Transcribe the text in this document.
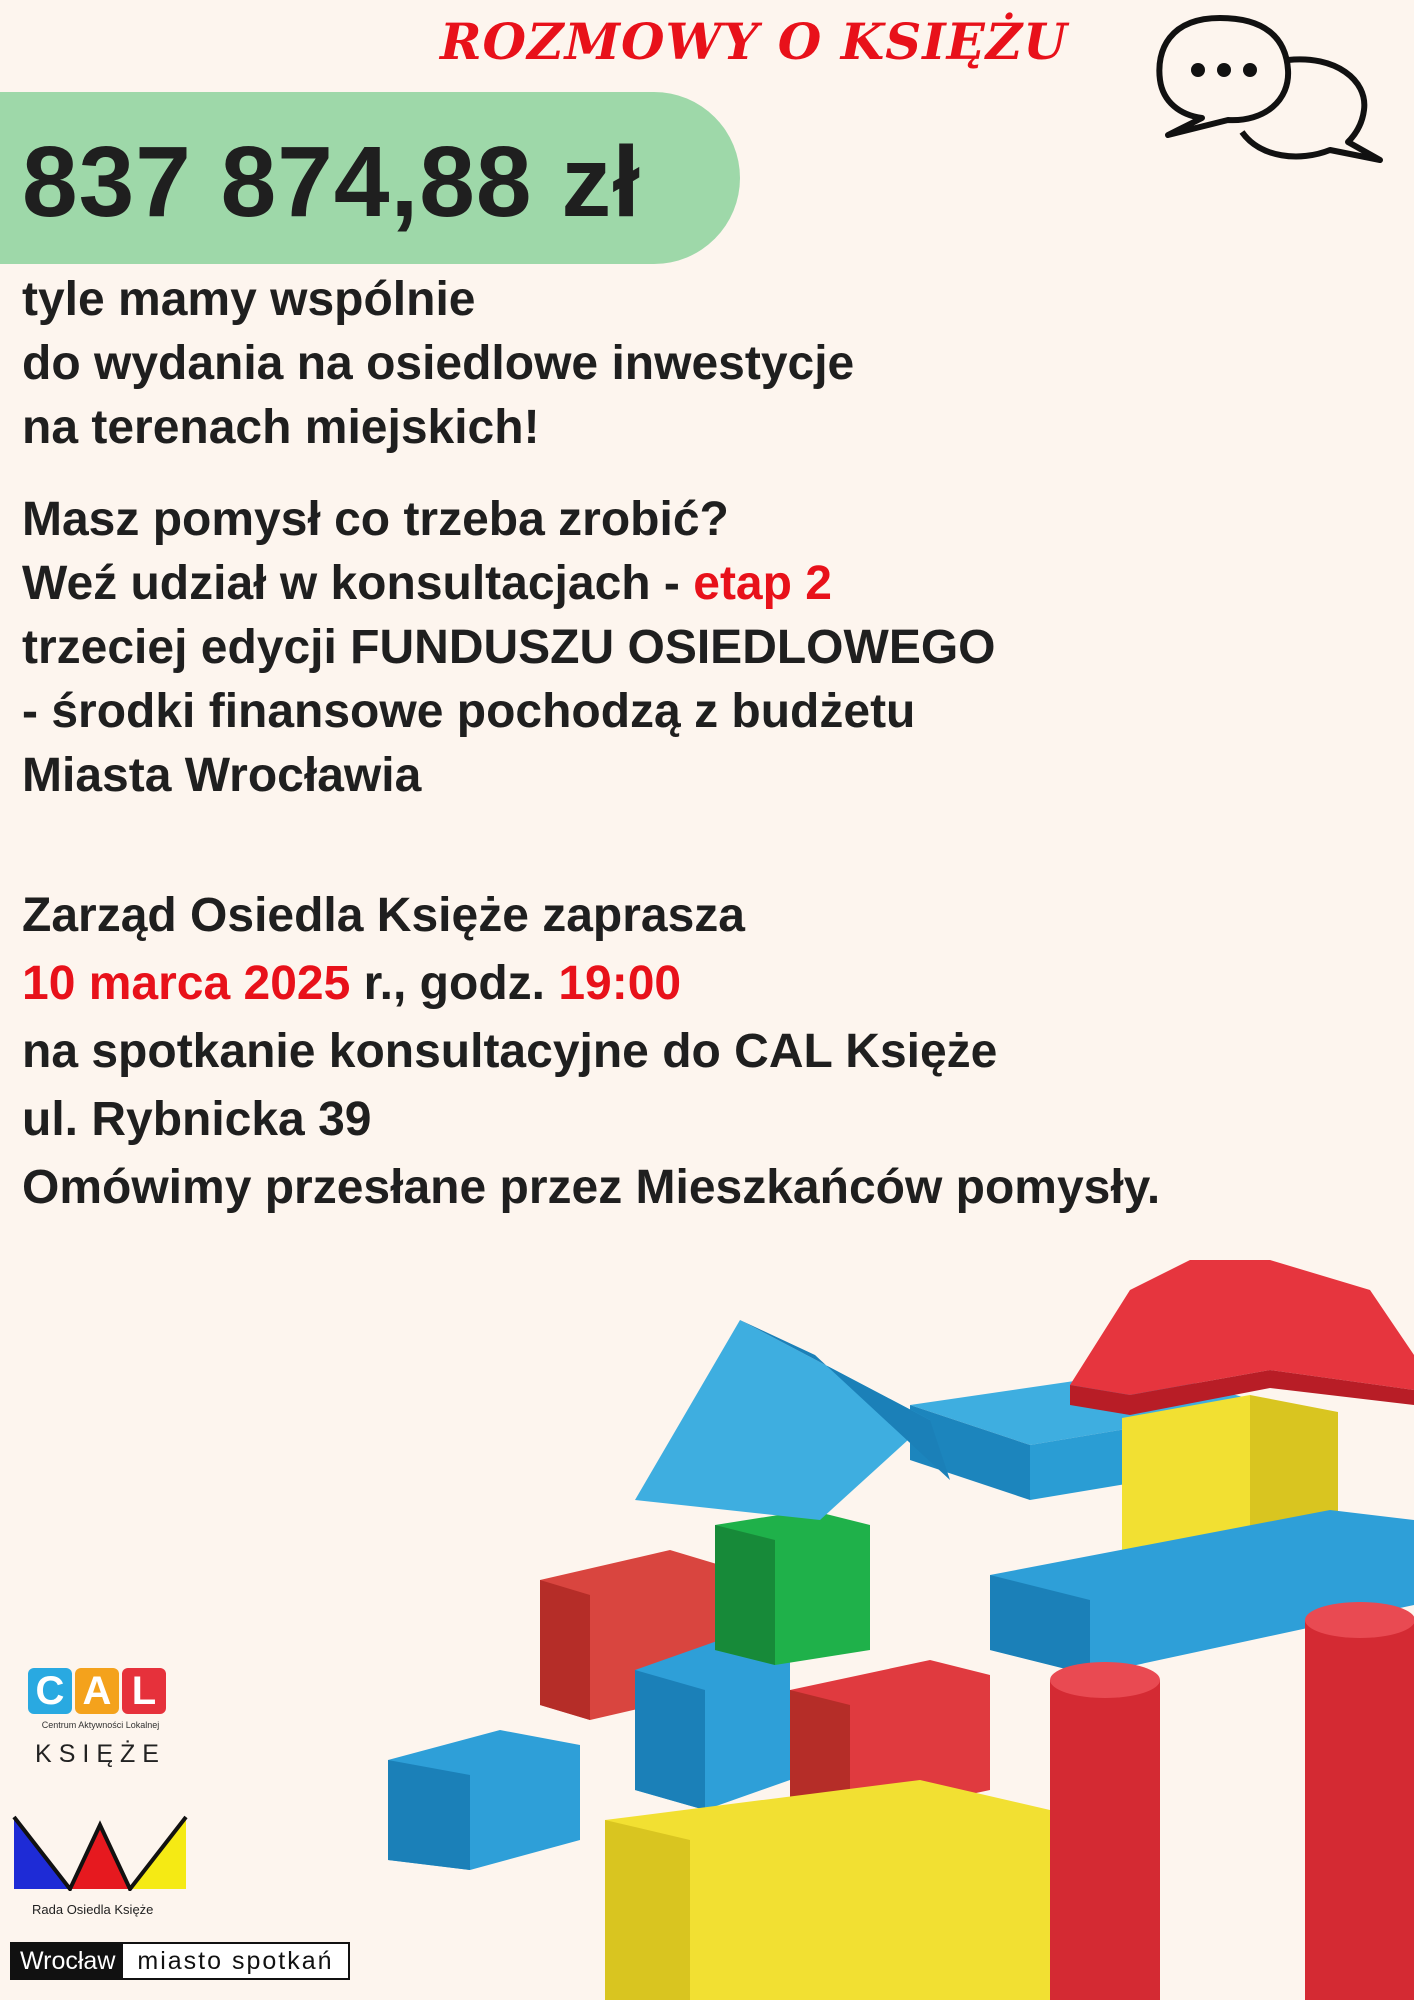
ROZMOWY O KSIĘŻU
837 874,88 zł
tyle mamy wspólnie
do wydania na osiedlowe inwestycje
na terenach miejskich!
Masz pomysł co trzeba zrobić?
Weź udział w konsultacjach - etap 2
trzeciej edycji FUNDUSZU OSIEDLOWEGO
- środki finansowe pochodzą z budżetu
Miasta Wrocławia
Zarząd Osiedla Księże zaprasza
10 marca 2025 r., godz. 19:00
na spotkanie konsultacyjne do CAL Księże
ul. Rybnicka 39
Omówimy przesłane przez Mieszkańców pomysły.
C A L
Centrum Aktywności Lokalnej
KSIĘŻE
Rada Osiedla Księże
Wrocław miasto spotkań
